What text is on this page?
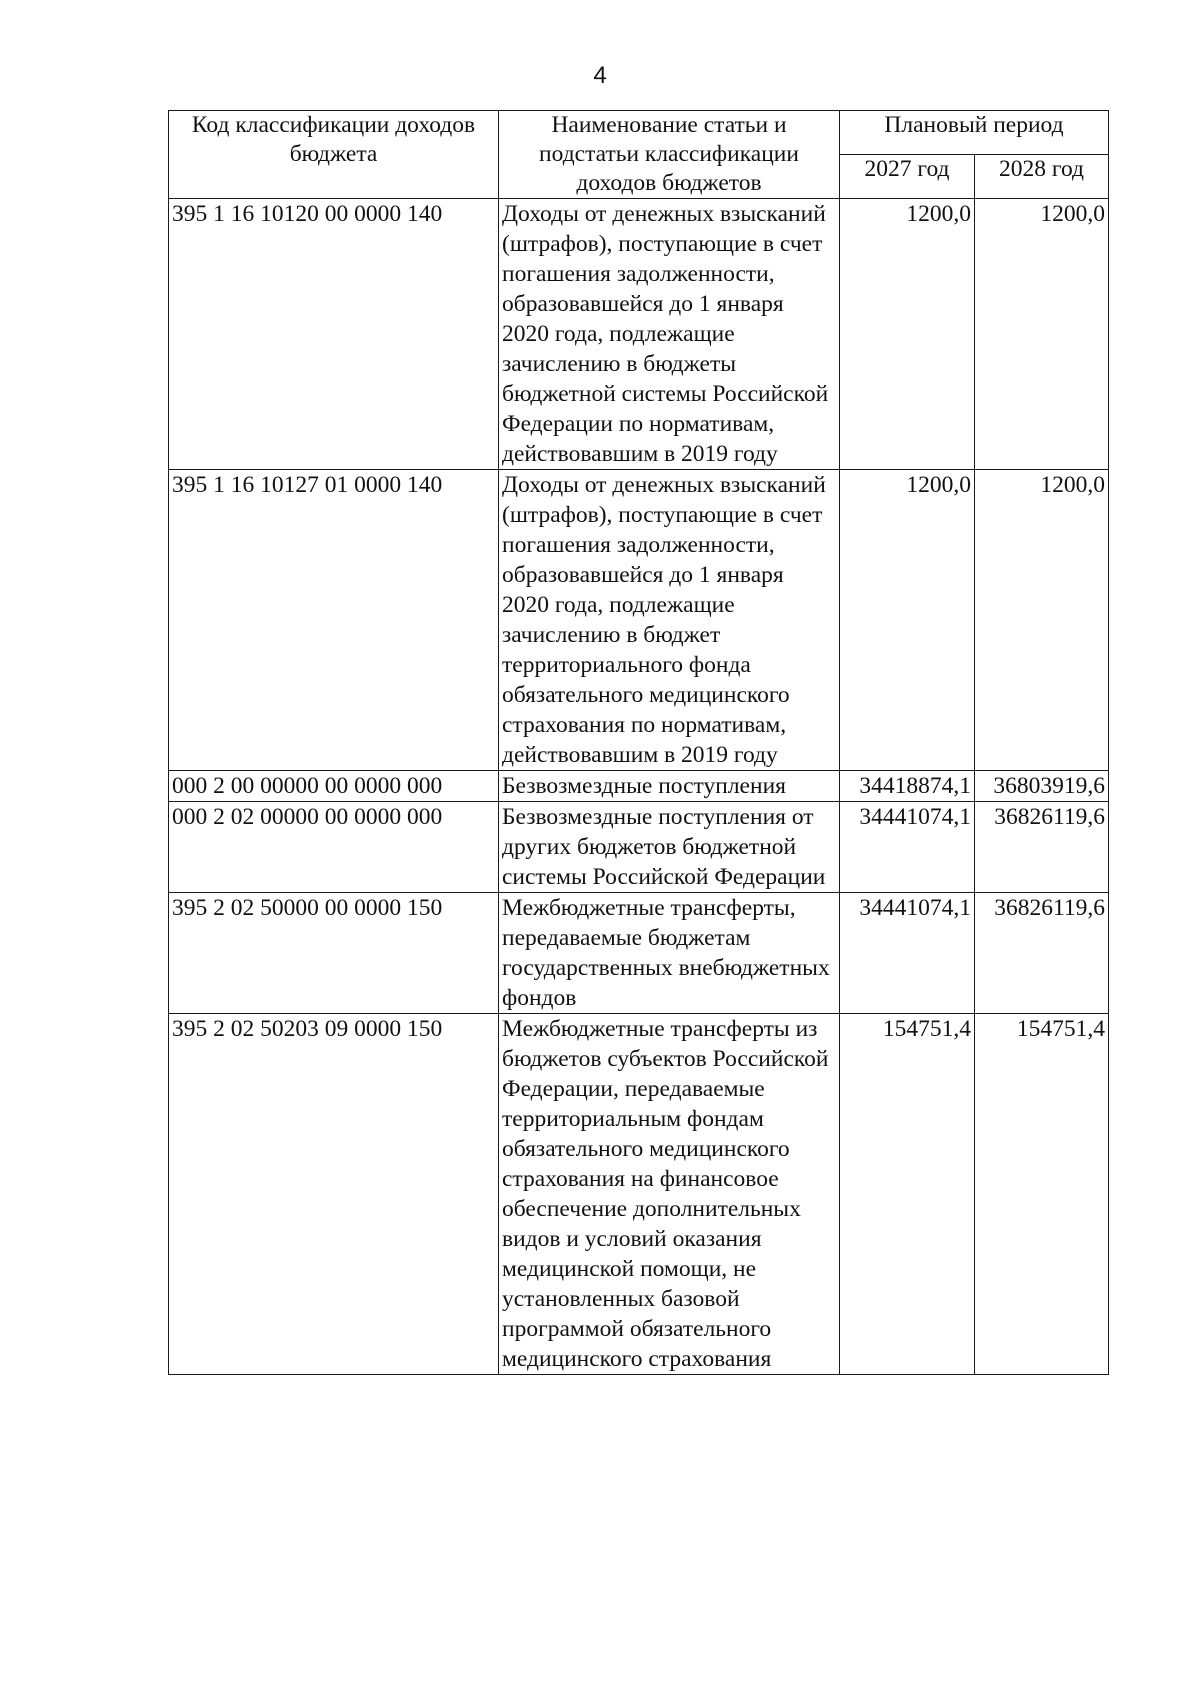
4
Код классификации доходов бюджета	Наименование статьи и подстатьи классификации доходов бюджетов	Плановый период	
		2027 год	2028 год
395 1 16 10120 00 0000 140	Доходы от денежных взысканий (штрафов), поступающие в счет погашения задолженности, образовавшейся до 1 января 2020 года, подлежащие зачислению в бюджеты бюджетной системы Российской Федерации по нормативам, действовавшим в 2019 году	1200,0	1200,0
395 1 16 10127 01 0000 140	Доходы от денежных взысканий (штрафов), поступающие в счет погашения задолженности, образовавшейся до 1 января 2020 года, подлежащие зачислению в бюджет территориального фонда обязательного медицинского страхования по нормативам, действовавшим в 2019 году	1200,0	1200,0
000 2 00 00000 00 0000 000	Безвозмездные поступления	34418874,1	36803919,6
000 2 02 00000 00 0000 000	Безвозмездные поступления от других бюджетов бюджетной системы Российской Федерации	34441074,1	36826119,6
395 2 02 50000 00 0000 150	Межбюджетные трансферты, передаваемые бюджетам государственных внебюджетных фондов	34441074,1	36826119,6
395 2 02 50203 09 0000 150	Межбюджетные трансферты из бюджетов субъектов Российской Федерации, передаваемые территориальным фондам обязательного медицинского страхования на финансовое обеспечение дополнительных видов и условий оказания медицинской помощи, не установленных базовой программой обязательного медицинского страхования	154751,4	154751,4
